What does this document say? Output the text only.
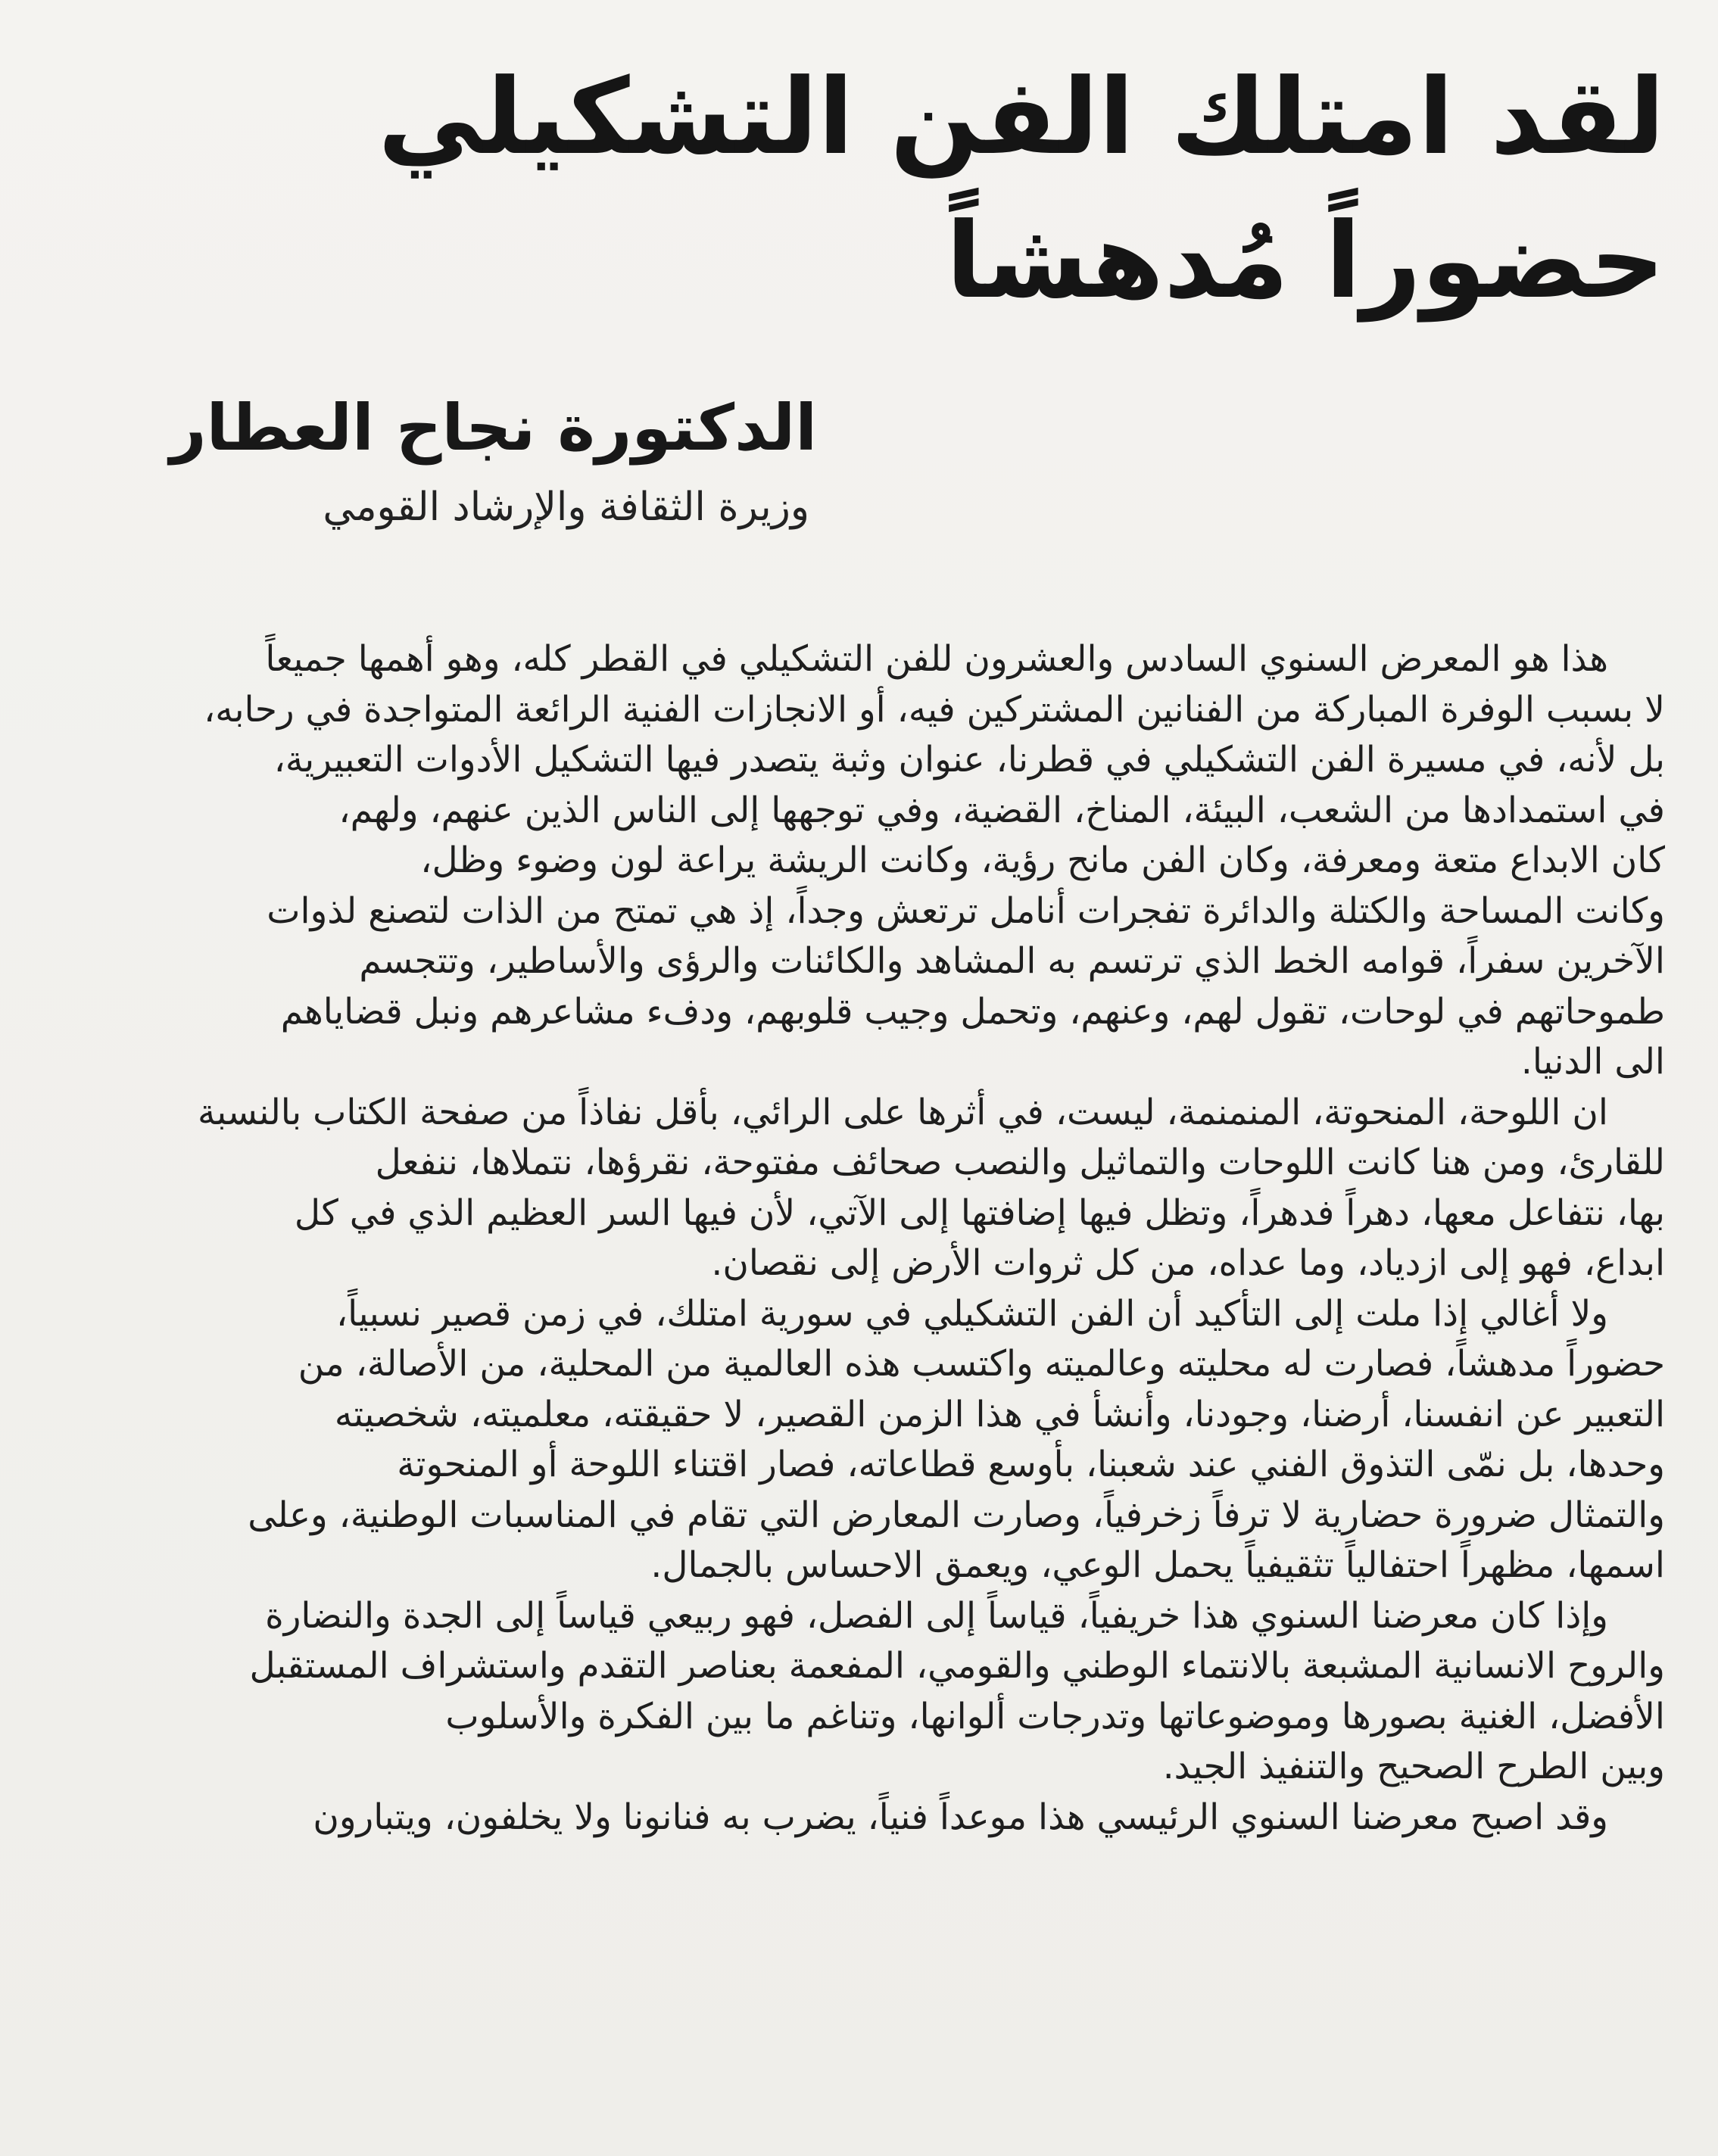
لقد امتلك الفن التشكيلي
حضوراً مُدهشاً
الدكتورة نجاح العطار
وزيرة الثقافة والإرشاد القومي
هذا هو المعرض السنوي السادس والعشرون للفن التشكيلي في القطر كله، وهو أهمها جميعاً
لا بسبب الوفرة المباركة من الفنانين المشتركين فيه، أو الانجازات الفنية الرائعة المتواجدة في رحابه،
بل لأنه، في مسيرة الفن التشكيلي في قطرنا، عنوان وثبة يتصدر فيها التشكيل الأدوات التعبيرية،
في استمدادها من الشعب، البيئة، المناخ، القضية، وفي توجهها إلى الناس الذين عنهم، ولهم،
كان الابداع متعة ومعرفة، وكان الفن مانح رؤية، وكانت الريشة يراعة لون وضوء وظل،
وكانت المساحة والكتلة والدائرة تفجرات أنامل ترتعش وجداً، إذ هي تمتح من الذات لتصنع لذوات
الآخرين سفراً، قوامه الخط الذي ترتسم به المشاهد والكائنات والرؤى والأساطير، وتتجسم
طموحاتهم في لوحات، تقول لهم، وعنهم، وتحمل وجيب قلوبهم، ودفء مشاعرهم ونبل قضاياهم
الى الدنيا.
ان اللوحة، المنحوتة، المنمنمة، ليست، في أثرها على الرائي، بأقل نفاذاً من صفحة الكتاب بالنسبة
للقارئ، ومن هنا كانت اللوحات والتماثيل والنصب صحائف مفتوحة، نقرؤها، نتملاها، ننفعل
بها، نتفاعل معها، دهراً فدهراً، وتظل فيها إضافتها إلى الآتي، لأن فيها السر العظيم الذي في كل
ابداع، فهو إلى ازدياد، وما عداه، من كل ثروات الأرض إلى نقصان.
ولا أغالي إذا ملت إلى التأكيد أن الفن التشكيلي في سورية امتلك، في زمن قصير نسبياً،
حضوراً مدهشاً، فصارت له محليته وعالميته واكتسب هذه العالمية من المحلية، من الأصالة، من
التعبير عن انفسنا، أرضنا، وجودنا، وأنشأ في هذا الزمن القصير، لا حقيقته، معلميته، شخصيته
وحدها، بل نمّى التذوق الفني عند شعبنا، بأوسع قطاعاته، فصار اقتناء اللوحة أو المنحوتة
والتمثال ضرورة حضارية لا ترفاً زخرفياً، وصارت المعارض التي تقام في المناسبات الوطنية، وعلى
اسمها، مظهراً احتفالياً تثقيفياً يحمل الوعي، ويعمق الاحساس بالجمال.
وإذا كان معرضنا السنوي هذا خريفياً، قياساً إلى الفصل، فهو ربيعي قياساً إلى الجدة والنضارة
والروح الانسانية المشبعة بالانتماء الوطني والقومي، المفعمة بعناصر التقدم واستشراف المستقبل
الأفضل، الغنية بصورها وموضوعاتها وتدرجات ألوانها، وتناغم ما بين الفكرة والأسلوب
وبين الطرح الصحيح والتنفيذ الجيد.
وقد اصبح معرضنا السنوي الرئيسي هذا موعداً فنياً، يضرب به فنانونا ولا يخلفون، ويتبارون
